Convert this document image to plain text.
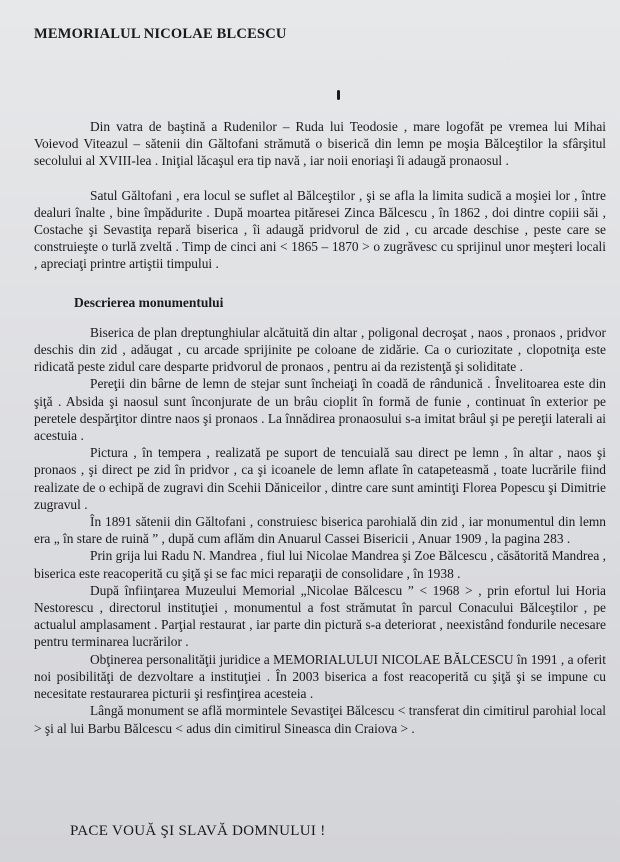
MEMORIALUL NICOLAE BLCESCU

Din vatra de baştină a Rudenilor – Ruda lui Teodosie , mare logofăt pe vremea lui Mihai Voievod Viteazul – sătenii din Găltofani strămută o biserică din lemn pe moşia Bălceştilor la sfârşitul secolului al XVIII-lea . Iniţial lăcaşul era tip navă , iar noii enoriaşi îi adaugă pronaosul .

Satul Găltofani , era locul se suflet al Bălceştilor , şi se afla la limita sudică a moşiei lor , între dealuri înalte , bine împădurite . După moartea pităresei Zinca Bălcescu , în 1862 , doi dintre copiii săi , Costache şi Sevastiţa repară biserica , îi adaugă pridvorul de zid , cu arcade deschise , peste care se construieşte o turlă zveltă . Timp de cinci ani < 1865 – 1870 > o zugrăvesc cu sprijinul unor meşteri locali , apreciaţi printre artiştii timpului .

Descrierea monumentului

Biserica de plan dreptunghiular alcătuită din altar , poligonal decroşat , naos , pronaos , pridvor deschis din zid , adăugat , cu arcade sprijinite pe coloane de zidărie. Ca o curiozitate , clopotniţa este ridicată peste zidul care desparte pridvorul de pronaos , pentru ai da rezistenţă şi soliditate .

Pereţii din bârne de lemn de stejar sunt încheiaţi în coadă de rândunică . Învelitoarea este din şiţă . Absida şi naosul sunt înconjurate de un brâu cioplit în formă de funie , continuat în exterior pe peretele despărţitor dintre naos şi pronaos . La înnădirea pronaosului s-a imitat brâul şi pe pereţii laterali ai acestuia .

Pictura , în tempera , realizată pe suport de tencuială sau direct pe lemn , în altar , naos şi pronaos , şi direct pe zid în pridvor , ca şi icoanele de lemn aflate în catapeteasmă , toate lucrările fiind realizate de o echipă de zugravi din Scehii Dăniceilor , dintre care sunt amintiţi Florea Popescu şi Dimitrie zugravul .

În 1891 sătenii din Găltofani , construiesc biserica parohială din zid , iar monumentul din lemn era „ în stare de ruină ” , după cum aflăm din Anuarul Cassei Bisericii , Anuar 1909 , la pagina 283 .

Prin grija lui Radu N. Mandrea , fiul lui Nicolae Mandrea şi Zoe Bălcescu , căsătorită Mandrea , biserica este reacoperită cu şiţă şi se fac mici reparaţii de consolidare , în 1938 .

După înfiinţarea Muzeului Memorial „Nicolae Bălcescu ” < 1968 > , prin efortul lui Horia Nestorescu , directorul instituţiei , monumentul a fost strămutat în parcul Conacului Bălceştilor , pe actualul amplasament . Parţial restaurat , iar parte din pictură s-a deteriorat , neexistând fondurile necesare pentru terminarea lucrărilor .

Obţinerea personalităţii juridice a MEMORIALULUI NICOLAE BĂLCESCU în 1991 , a oferit noi posibilităţi de dezvoltare a instituţiei . În 2003 biserica a fost reacoperită cu şiţă şi se impune cu necesitate restaurarea picturii şi resfinţirea acesteia .

Lângă monument se află mormintele Sevastiţei Bălcescu < transferat din cimitirul parohial local > şi al lui Barbu Bălcescu < adus din cimitirul Sineasca din Craiova > .

PACE VOUĂ ŞI SLAVĂ DOMNULUI !
